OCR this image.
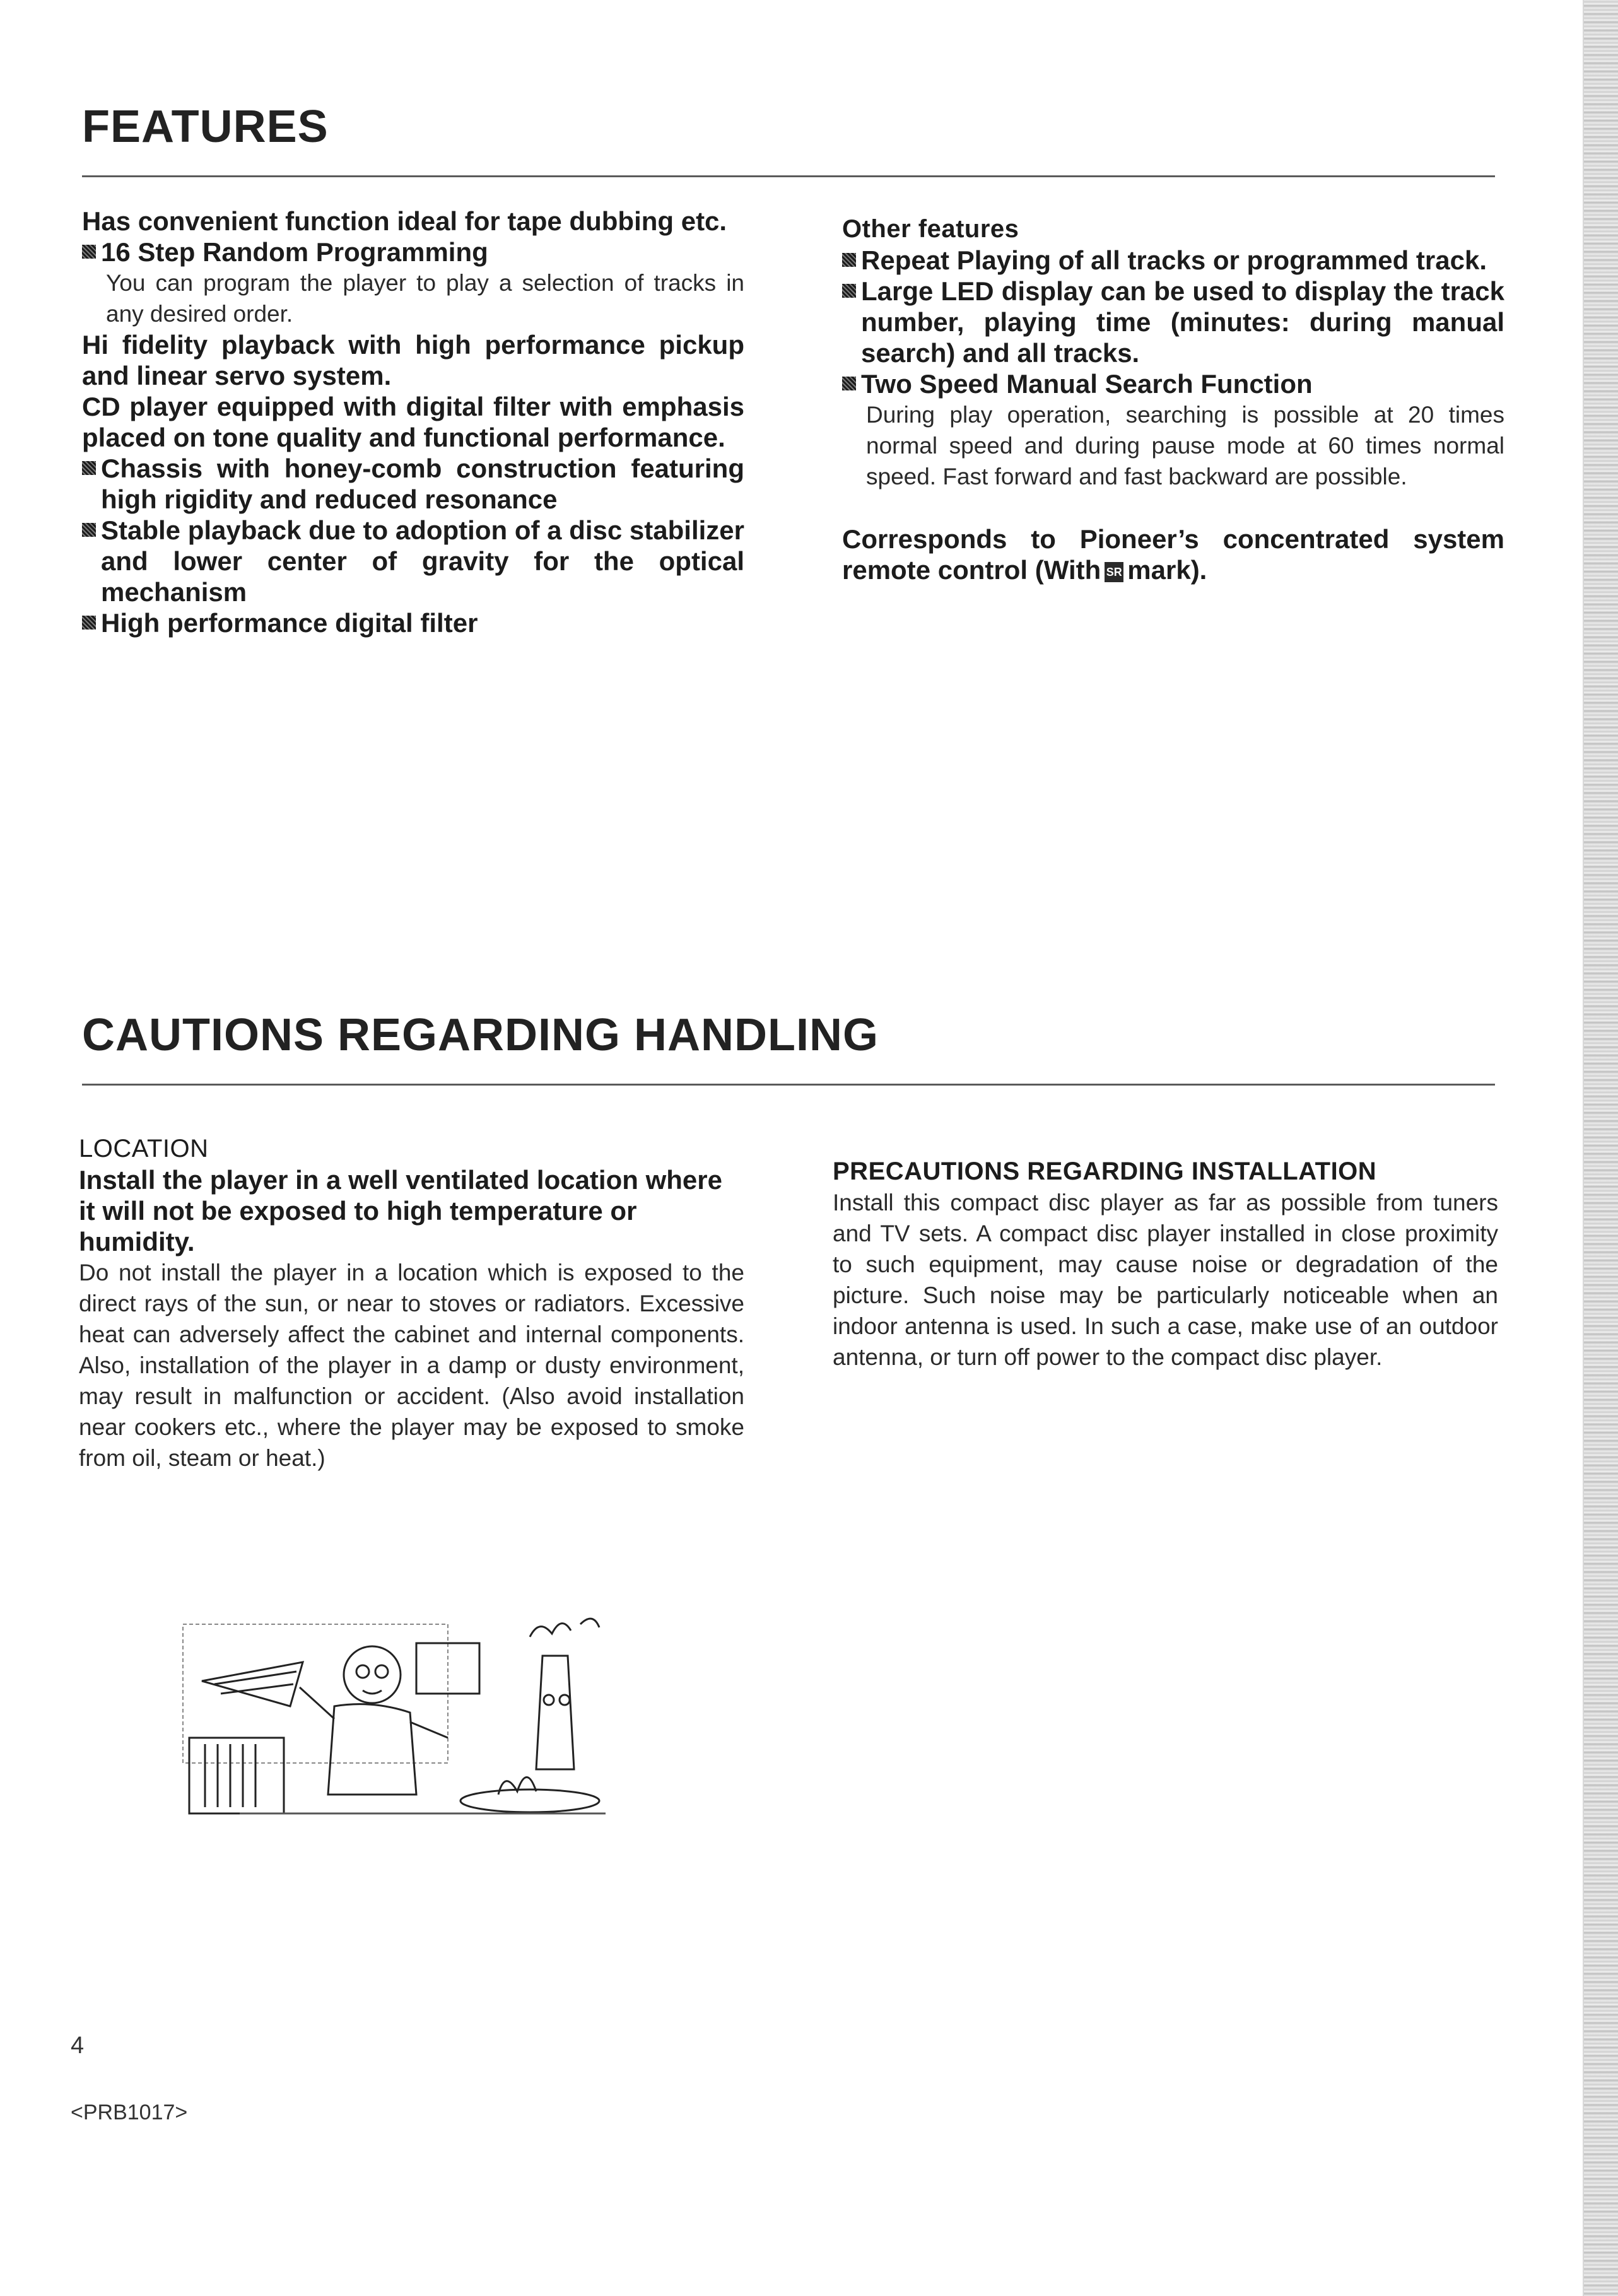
FEATURES
Has convenient function ideal for tape dubbing etc.
16 Step Random Programming
You can program the player to play a selection of tracks in any desired order.
Hi fidelity playback with high performance pickup and linear servo system.
CD player equipped with digital filter with emphasis placed on tone quality and functional performance.
Chassis with honey-comb construction featuring high rigidity and reduced resonance
Stable playback due to adoption of a disc stabilizer and lower center of gravity for the optical mechanism
High performance digital filter
Other features
Repeat Playing of all tracks or programmed track.
Large LED display can be used to display the track number, playing time (minutes: during manual search) and all tracks.
Two Speed Manual Search Function
During play operation, searching is possible at 20 times normal speed and during pause mode at 60 times normal speed. Fast forward and fast backward are possible.
Corresponds to Pioneer’s concentrated system remote control (With SR mark).
CAUTIONS REGARDING HANDLING
LOCATION
Install the player in a well ventilated location where it will not be exposed to high temperature or humidity.
Do not install the player in a location which is exposed to the direct rays of the sun, or near to stoves or radiators. Excessive heat can adversely affect the cabinet and internal components. Also, installation of the player in a damp or dusty environment, may result in malfunction or accident. (Also avoid installation near cookers etc., where the player may be exposed to smoke from oil, steam or heat.)
PRECAUTIONS REGARDING INSTALLATION
Install this compact disc player as far as possible from tuners and TV sets. A compact disc player installed in close proximity to such equipment, may cause noise or degradation of the picture. Such noise may be particularly noticeable when an indoor antenna is used. In such a case, make use of an outdoor antenna, or turn off power to the compact disc player.
4
<PRB1017>
